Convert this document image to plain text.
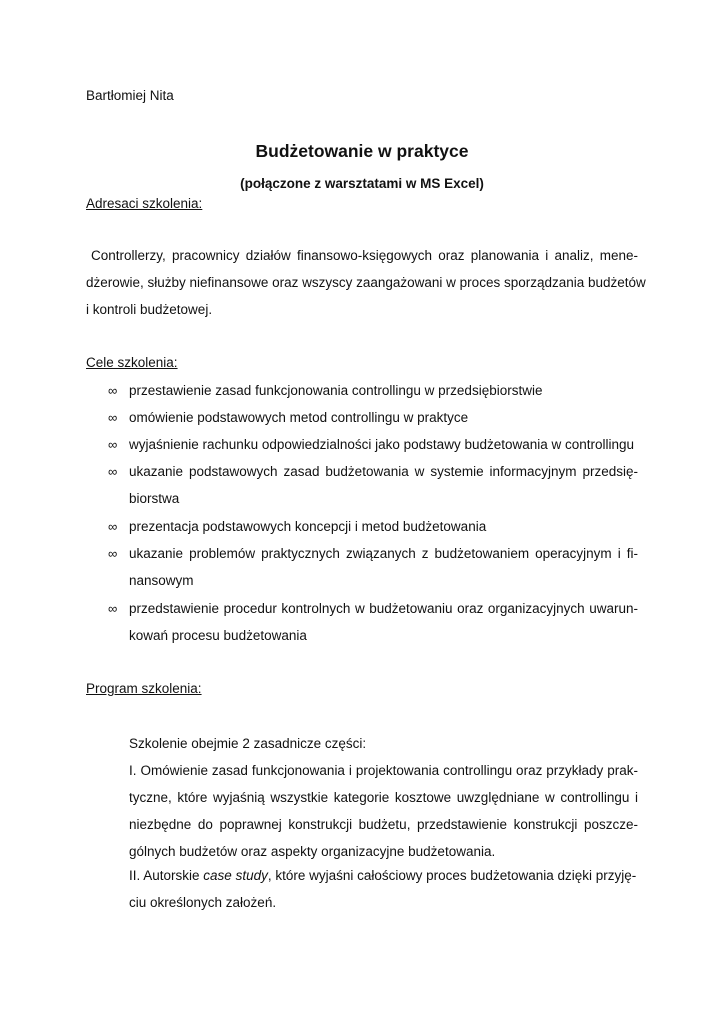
Bartłomiej Nita
Budżetowanie w praktyce
(połączone z warsztatami w MS Excel)
Adresaci szkolenia:
Controllerzy, pracownicy działów finansowo-księgowych oraz planowania i analiz, mene-
dżerowie, służby niefinansowe oraz wszyscy zaangażowani w proces sporządzania budżetów
i kontroli budżetowej.
Cele szkolenia:
∞ przestawienie zasad funkcjonowania controllingu w przedsiębiorstwie
∞ omówienie podstawowych metod controllingu w praktyce
∞ wyjaśnienie rachunku odpowiedzialności jako podstawy budżetowania w controllingu
∞ ukazanie podstawowych zasad budżetowania w systemie informacyjnym przedsię-
biorstwa
∞ prezentacja podstawowych koncepcji i metod budżetowania
∞ ukazanie problemów praktycznych związanych z budżetowaniem operacyjnym i fi-
nansowym
∞ przedstawienie procedur kontrolnych w budżetowaniu oraz organizacyjnych uwarun-
kowań procesu budżetowania
Program szkolenia:
Szkolenie obejmie 2 zasadnicze części:
I. Omówienie zasad funkcjonowania i projektowania controllingu oraz przykłady prak-
tyczne, które wyjaśnią wszystkie kategorie kosztowe uwzględniane w controllingu i
niezbędne do poprawnej konstrukcji budżetu, przedstawienie konstrukcji poszcze-
gólnych budżetów oraz aspekty organizacyjne budżetowania.
II. Autorskie case study, które wyjaśni całościowy proces budżetowania dzięki przyję-
ciu określonych założeń.
